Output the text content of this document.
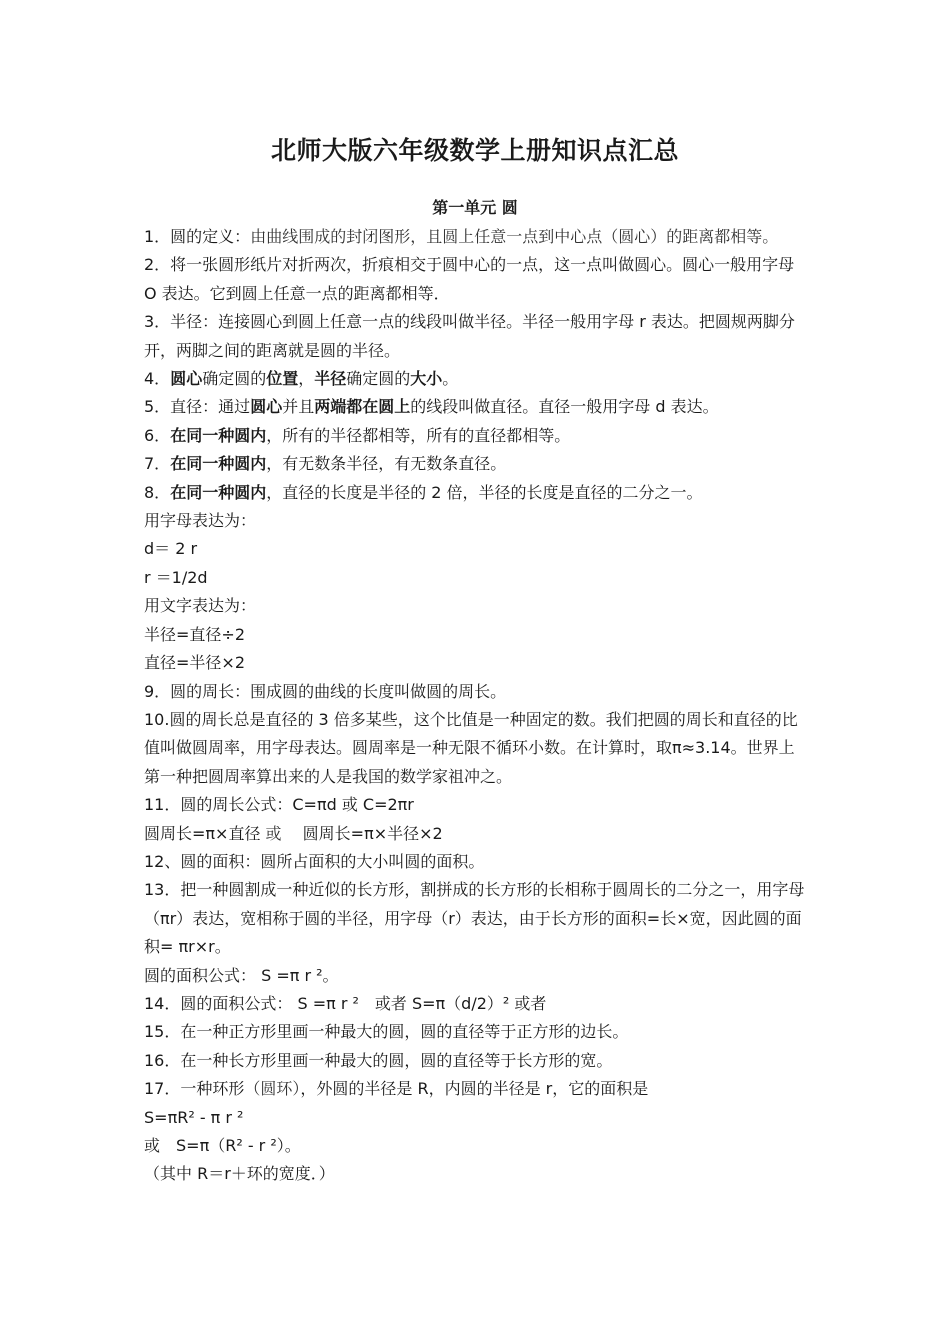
北师大版六年级数学上册知识点汇总
第一单元 圆

1．圆的定义：由曲线围成的封闭图形，且圆上任意一点到中心点（圆心）的距离都相等。

2．将一张圆形纸片对折两次，折痕相交于圆中心的一点，这一点叫做圆心。圆心一般用字母 O 表达。它到圆上任意一点的距离都相等．

3．半径：连接圆心到圆上任意一点的线段叫做半径。半径一般用字母 r 表达。把圆规两脚分开，两脚之间的距离就是圆的半径。

4．圆心确定圆的位置，半径确定圆的大小。

5．直径：通过圆心并且两端都在圆上的线段叫做直径。直径一般用字母 d 表达。

6．在同一种圆内，所有的半径都相等，所有的直径都相等。

7．在同一种圆内，有无数条半径，有无数条直径。

8．在同一种圆内，直径的长度是半径的 2 倍，半径的长度是直径的二分之一。

用字母表达为：

d＝ 2 r

r ＝1/2d

用文字表达为：

半径=直径÷2

直径=半径×2

9．圆的周长：围成圆的曲线的长度叫做圆的周长。

10.圆的周长总是直径的 3 倍多某些，这个比值是一种固定的数。我们把圆的周长和直径的比值叫做圆周率，用字母表达。圆周率是一种无限不循环小数。在计算时，取π≈3.14。世界上第一种把圆周率算出来的人是我国的数学家祖冲之。

11．圆的周长公式：C=πd 或 C=2πr

圆周长=π×直径 或　 圆周长=π×半径×2

12、圆的面积：圆所占面积的大小叫圆的面积。

13．把一种圆割成一种近似的长方形，割拼成的长方形的长相称于圆周长的二分之一，用字母（πr）表达，宽相称于圆的半径，用字母（r）表达，由于长方形的面积=长×宽，因此圆的面积= πr×r。

圆的面积公式： S =π r ²。

14．圆的面积公式： S =π r ²　或者 S=π（d/2）² 或者

15．在一种正方形里画一种最大的圆，圆的直径等于正方形的边长。

16．在一种长方形里画一种最大的圆，圆的直径等于长方形的宽。

17．一种环形（圆环），外圆的半径是 R，内圆的半径是 r，它的面积是

S=πR² - π r ²

或　S=π（R² - r ²）。

（其中 R＝r＋环的宽度．）
